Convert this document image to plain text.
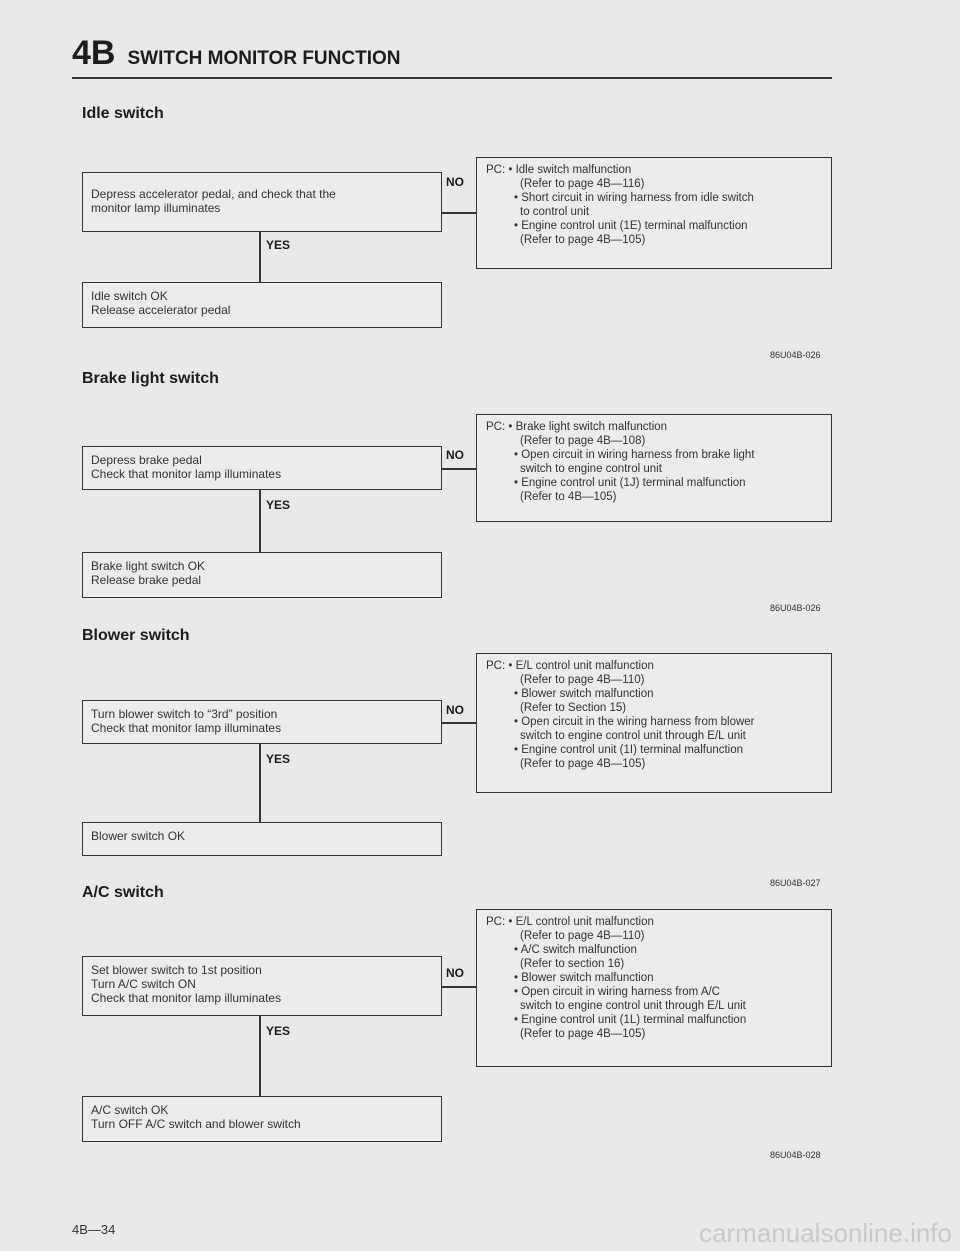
4B SWITCH MONITOR FUNCTION
Idle switch
Depress accelerator pedal, and check that the
monitor lamp illuminates
YES
Idle switch OK
Release accelerator pedal
NO
PC: • Idle switch malfunction
(Refer to page 4B—116)
• Short circuit in wiring harness from idle switch
to control unit
• Engine control unit (1E) terminal malfunction
(Refer to page 4B—105)
86U04B-026
Brake light switch
Depress brake pedal
Check that monitor lamp illuminates
YES
Brake light switch OK
Release brake pedal
NO
PC: • Brake light switch malfunction
(Refer to page 4B—108)
• Open circuit in wiring harness from brake light
switch to engine control unit
• Engine control unit (1J) terminal malfunction
(Refer to 4B—105)
86U04B-026
Blower switch
Turn blower switch to “3rd” position
Check that monitor lamp illuminates
YES
Blower switch OK
NO
PC: • E/L control unit malfunction
(Refer to page 4B—110)
• Blower switch malfunction
(Refer to Section 15)
• Open circuit in the wiring harness from blower
switch to engine control unit through E/L unit
• Engine control unit (1I) terminal malfunction
(Refer to page 4B—105)
86U04B-027
A/C switch
Set blower switch to 1st position
Turn A/C switch ON
Check that monitor lamp illuminates
YES
A/C switch OK
Turn OFF A/C switch and blower switch
NO
PC: • E/L control unit malfunction
(Refer to page 4B—110)
• A/C switch malfunction
(Refer to section 16)
• Blower switch malfunction
• Open circuit in wiring harness from A/C
switch to engine control unit through E/L unit
• Engine control unit (1L) terminal malfunction
(Refer to page 4B—105)
86U04B-028
4B—34	carmanualsonline.info
